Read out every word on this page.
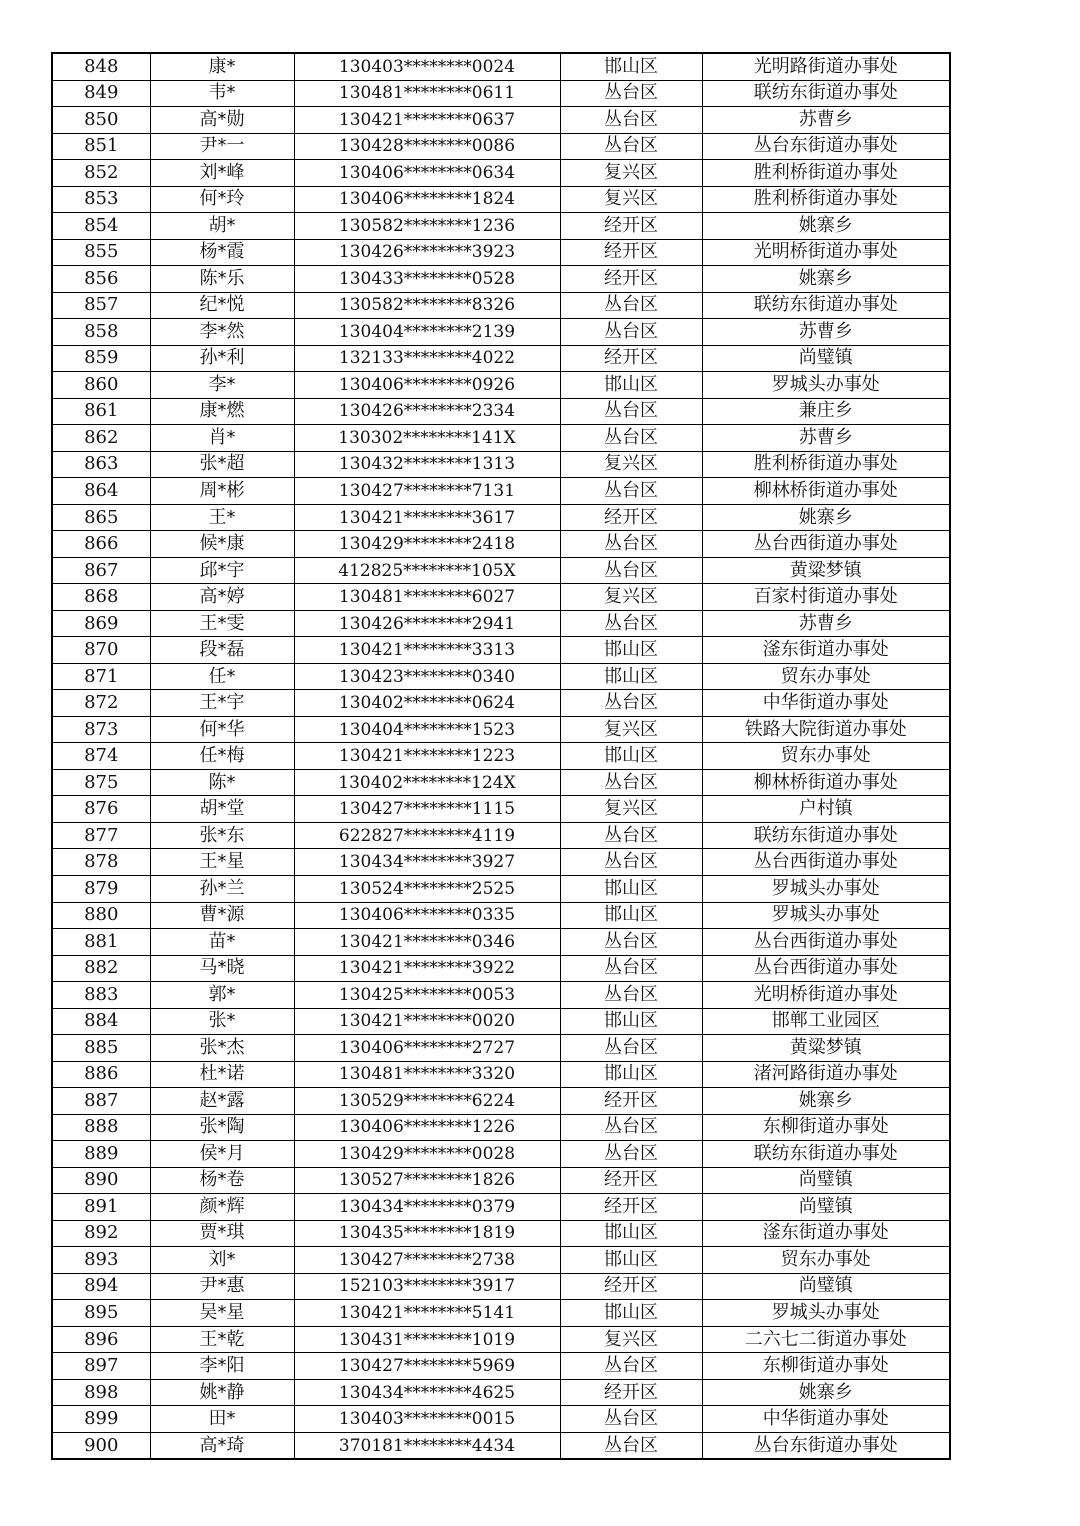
848	康*	130403********0024	邯山区	光明路街道办事处
849	韦*	130481********0611	丛台区	联纺东街道办事处
850	高*勋	130421********0637	丛台区	苏曹乡
851	尹*一	130428********0086	丛台区	丛台东街道办事处
852	刘*峰	130406********0634	复兴区	胜利桥街道办事处
853	何*玲	130406********1824	复兴区	胜利桥街道办事处
854	胡*	130582********1236	经开区	姚寨乡
855	杨*霞	130426********3923	经开区	光明桥街道办事处
856	陈*乐	130433********0528	经开区	姚寨乡
857	纪*悦	130582********8326	丛台区	联纺东街道办事处
858	李*然	130404********2139	丛台区	苏曹乡
859	孙*利	132133********4022	经开区	尚璧镇
860	李*	130406********0926	邯山区	罗城头办事处
861	康*燃	130426********2334	丛台区	兼庄乡
862	肖*	130302********141X	丛台区	苏曹乡
863	张*超	130432********1313	复兴区	胜利桥街道办事处
864	周*彬	130427********7131	丛台区	柳林桥街道办事处
865	王*	130421********3617	经开区	姚寨乡
866	候*康	130429********2418	丛台区	丛台西街道办事处
867	邱*宇	412825********105X	丛台区	黄粱梦镇
868	高*婷	130481********6027	复兴区	百家村街道办事处
869	王*雯	130426********2941	丛台区	苏曹乡
870	段*磊	130421********3313	邯山区	滏东街道办事处
871	任*	130423********0340	邯山区	贸东办事处
872	王*宇	130402********0624	丛台区	中华街道办事处
873	何*华	130404********1523	复兴区	铁路大院街道办事处
874	任*梅	130421********1223	邯山区	贸东办事处
875	陈*	130402********124X	丛台区	柳林桥街道办事处
876	胡*堂	130427********1115	复兴区	户村镇
877	张*东	622827********4119	丛台区	联纺东街道办事处
878	王*星	130434********3927	丛台区	丛台西街道办事处
879	孙*兰	130524********2525	邯山区	罗城头办事处
880	曹*源	130406********0335	邯山区	罗城头办事处
881	苗*	130421********0346	丛台区	丛台西街道办事处
882	马*晓	130421********3922	丛台区	丛台西街道办事处
883	郭*	130425********0053	丛台区	光明桥街道办事处
884	张*	130421********0020	邯山区	邯郸工业园区
885	张*杰	130406********2727	丛台区	黄粱梦镇
886	杜*诺	130481********3320	邯山区	渚河路街道办事处
887	赵*露	130529********6224	经开区	姚寨乡
888	张*陶	130406********1226	丛台区	东柳街道办事处
889	侯*月	130429********0028	丛台区	联纺东街道办事处
890	杨*卷	130527********1826	经开区	尚璧镇
891	颜*辉	130434********0379	经开区	尚璧镇
892	贾*琪	130435********1819	邯山区	滏东街道办事处
893	刘*	130427********2738	邯山区	贸东办事处
894	尹*惠	152103********3917	经开区	尚璧镇
895	吴*星	130421********5141	邯山区	罗城头办事处
896	王*乾	130431********1019	复兴区	二六七二街道办事处
897	李*阳	130427********5969	丛台区	东柳街道办事处
898	姚*静	130434********4625	经开区	姚寨乡
899	田*	130403********0015	丛台区	中华街道办事处
900	高*琦	370181********4434	丛台区	丛台东街道办事处
